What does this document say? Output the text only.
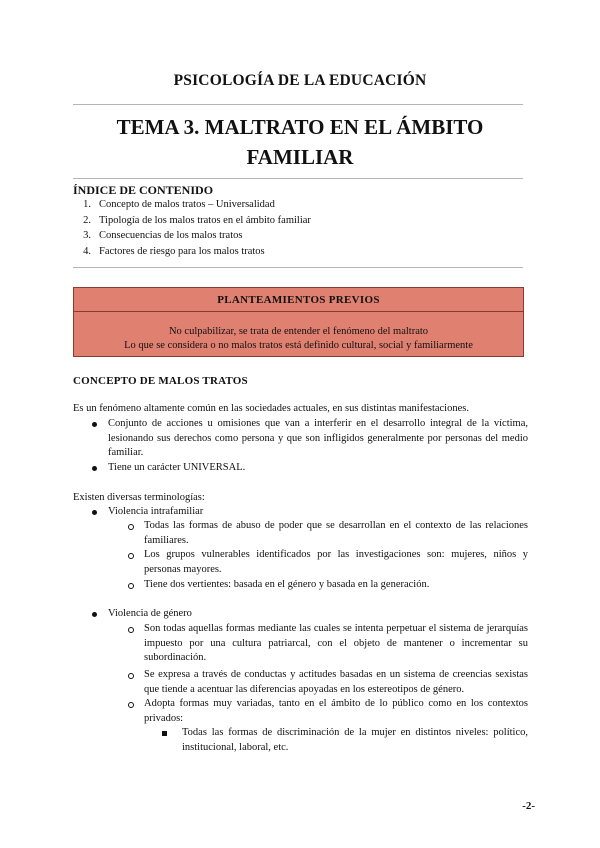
PSICOLOGÍA DE LA EDUCACIÓN
TEMA 3. MALTRATO EN EL ÁMBITO
FAMILIAR
ÍNDICE DE CONTENIDO
1. Concepto de malos tratos – Universalidad
2. Tipología de los malos tratos en el ámbito familiar
3. Consecuencias de los malos tratos
4. Factores de riesgo para los malos tratos
PLANTEAMIENTOS PREVIOS
No culpabilizar, se trata de entender el fenómeno del maltrato
Lo que se considera o no malos tratos está definido cultural, social y familiarmente
CONCEPTO DE MALOS TRATOS
Es un fenómeno altamente común en las sociedades actuales, en sus distintas manifestaciones.
Conjunto de acciones u omisiones que van a interferir en el desarrollo integral de la víctima, lesionando sus derechos como persona y que son infligidos generalmente por personas del medio familiar.
Tiene un carácter UNIVERSAL.
Existen diversas terminologías:
Violencia intrafamiliar
Todas las formas de abuso de poder que se desarrollan en el contexto de las relaciones familiares.
Los grupos vulnerables identificados por las investigaciones son: mujeres, niños y personas mayores.
Tiene dos vertientes: basada en el género y basada en la generación.
Violencia de género
Son todas aquellas formas mediante las cuales se intenta perpetuar el sistema de jerarquías impuesto por una cultura patriarcal, con el objeto de mantener o incrementar su subordinación.
Se expresa a través de conductas y actitudes basadas en un sistema de creencias sexistas que tiende a acentuar las diferencias apoyadas en los estereotipos de género.
Adopta formas muy variadas, tanto en el ámbito de lo público como en los contextos privados:
Todas las formas de discriminación de la mujer en distintos niveles: político, institucional, laboral, etc.
-2-
